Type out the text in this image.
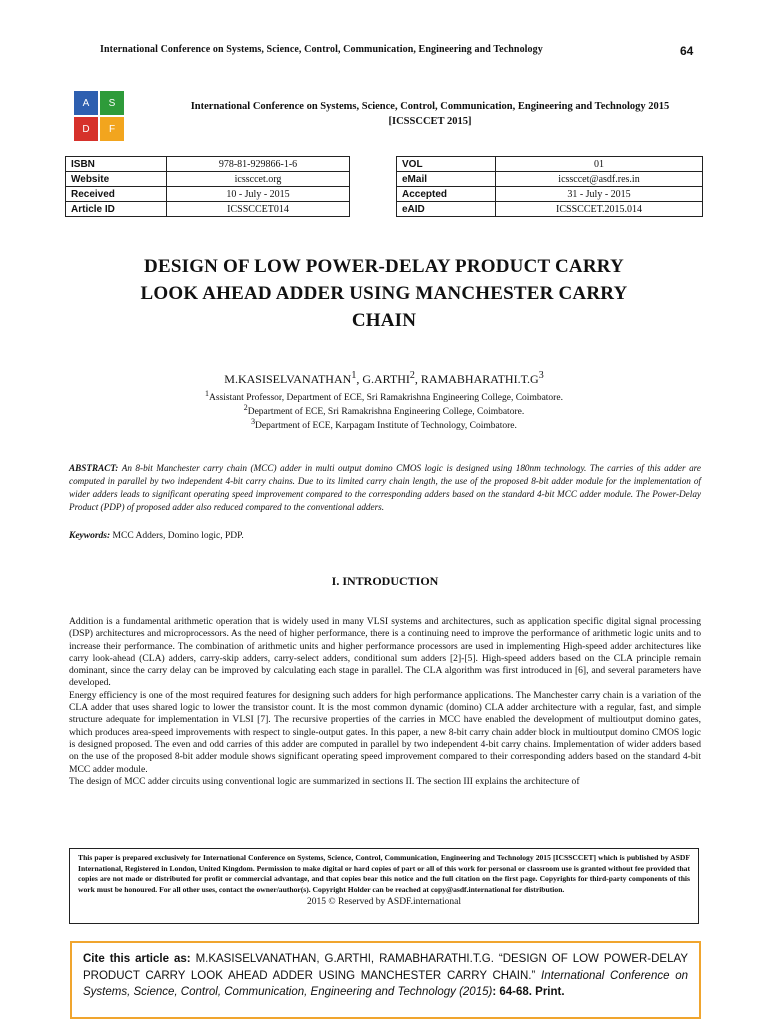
International Conference on Systems, Science, Control, Communication, Engineering and Technology	64
A	S
D	F
International Conference on Systems, Science, Control, Communication, Engineering and Technology 2015 [ICSSCCET 2015]
ISBN	978-81-929866-1-6
Website	icssccet.org
Received	10 - July - 2015
Article ID	ICSSCCET014
VOL	01
eMail	icssccet@asdf.res.in
Accepted	31 - July - 2015
eAID	ICSSCCET.2015.014
DESIGN OF LOW POWER-DELAY PRODUCT CARRY
LOOK AHEAD ADDER USING MANCHESTER CARRY
CHAIN
M.KASISELVANATHAN$^1$, G.ARTHI$^2$, $RAMABHARATHI.T.G^3$
$^1$Assistant Professor, Department of ECE, Sri Ramakrishna Engineering College, Coimbatore.
$^2$Department of ECE, Sri Ramakrishna Engineering College, Coimbatore.
$^3$Department of ECE, Karpagam Institute of Technology, Coimbatore.
ABSTRACT: An 8-bit Manchester carry chain (MCC) adder in multi output domino CMOS logic is designed using 180nm technology. The carries of this adder are computed in parallel by two independent 4-bit carry chains. Due to its limited carry chain length, the use of the proposed 8-bit adder module for the implementation of wider adders leads to significant operating speed improvement compared to the corresponding adders based on the standard 4-bit MCC adder module. The Power-Delay Product (PDP) of proposed adder also reduced compared to the conventional adders.
Keywords: MCC Adders, Domino logic, PDP.
I. INTRODUCTION

Addition is a fundamental arithmetic operation that is widely used in many VLSI systems and architectures, such as application specific digital signal processing (DSP) architectures and microprocessors. As the need of higher performance, there is a continuing need to improve the performance of arithmetic logic units and to increase their performance. The combination of arithmetic units and higher performance processors are used in implementing High-speed adder architectures like carry look-ahead (CLA) adders, carry-skip adders, carry-select adders, conditional sum adders [2]-[5]. High-speed adders based on the CLA principle remain dominant, since the carry delay can be improved by calculating each stage in parallel. The CLA algorithm was first introduced in [6], and several parameters have developed.

Energy efficiency is one of the most required features for designing such adders for high performance applications. The Manchester carry chain is a variation of the CLA adder that uses shared logic to lower the transistor count. It is the most common dynamic (domino) CLA adder architecture with a regular, fast, and simple structure adequate for implementation in VLSI [7]. The recursive properties of the carries in MCC have enabled the development of multioutput domino gates, which produces area-speed improvements with respect to single-output gates. In this paper, a new 8-bit carry chain adder block in multioutput domino CMOS logic is designed proposed. The even and odd carries of this adder are computed in parallel by two independent 4-bit carry chains. Implementation of wider adders based on the use of the proposed 8-bit adder module shows significant operating speed improvement compared to their corresponding adders based on the standard 4-bit MCC adder module.

The design of MCC adder circuits using conventional logic are summarized in sections II. The section III explains the architecture of

This paper is prepared exclusively for International Conference on Systems, Science, Control, Communication, Engineering and Technology 2015 [ICSSCCET] which is published by ASDF International, Registered in London, United Kingdom. Permission to make digital or hard copies of part or all of this work for personal or classroom use is granted without fee provided that copies are not made or distributed for profit or commercial advantage, and that copies bear this notice and the full citation on the first page. Copyrights for third-party components of this work must be honoured. For all other uses, contact the owner/author(s). Copyright Holder can be reached at copy@asdf.international for distribution.
2015 © Reserved by ASDF.international
Cite this article as: M.KASISELVANATHAN, G.ARTHI, RAMABHARATHI.T.G. “DESIGN OF LOW POWER-DELAY PRODUCT CARRY LOOK AHEAD ADDER USING MANCHESTER CARRY CHAIN.” International Conference on Systems, Science, Control, Communication, Engineering and Technology (2015): 64-68. Print.
